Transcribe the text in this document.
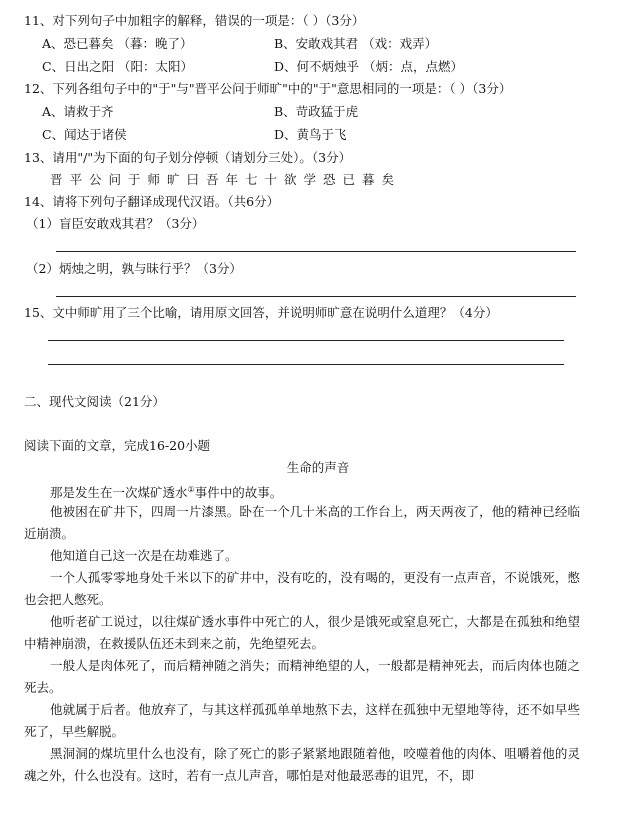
11、对下列句子中加粗字的解释，错误的一项是：（ ）（3分）
A、恐已暮矣 （暮：晚了）	B、安敢戏其君 （戏：戏弄）
C、日出之阳 （阳：太阳）	D、何不炳烛乎 （炳：点，点燃）
12、下列各组句子中的"于"与"晋平公问于师旷"中的"于"意思相同的一项是：（ ）（3分）
A、请救于齐	B、苛政猛于虎
C、闻达于诸侯	D、黄鸟于飞
13、请用"/"为下面的句子划分停顿（请划分三处）。（3分）
晋平公问于师旷曰吾年七十欲学恐已暮矣
14、请将下列句子翻译成现代汉语。（共6分）
（1）盲臣安敢戏其君？（3分）
（2）炳烛之明，孰与昧行乎？（3分）
15、文中师旷用了三个比喻，请用原文回答，并说明师旷意在说明什么道理？（4分）
二、现代文阅读（21分）
阅读下面的文章，完成16-20小题
生命的声音
那是发生在一次煤矿透水①事件中的故事。
他被困在矿井下，四周一片漆黑。卧在一个几十米高的工作台上，两天两夜了，他的精神已经临近崩溃。
他知道自己这一次是在劫难逃了。
一个人孤零零地身处千米以下的矿井中，没有吃的，没有喝的，更没有一点声音，不说饿死，憋也会把人憋死。
他听老矿工说过，以往煤矿透水事件中死亡的人，很少是饿死或窒息死亡，大都是在孤独和绝望中精神崩溃，在救援队伍还未到来之前，先绝望死去。
一般人是肉体死了，而后精神随之消失；而精神绝望的人，一般都是精神死去，而后肉体也随之死去。
他就属于后者。他放弃了，与其这样孤孤单单地熬下去，这样在孤独中无望地等待，还不如早些死了，早些解脱。
黑洞洞的煤坑里什么也没有，除了死亡的影子紧紧地跟随着他，咬噬着他的肉体、咀嚼着他的灵魂之外，什么也没有。这时，若有一点儿声音，哪怕是对他最恶毒的诅咒，不，即
